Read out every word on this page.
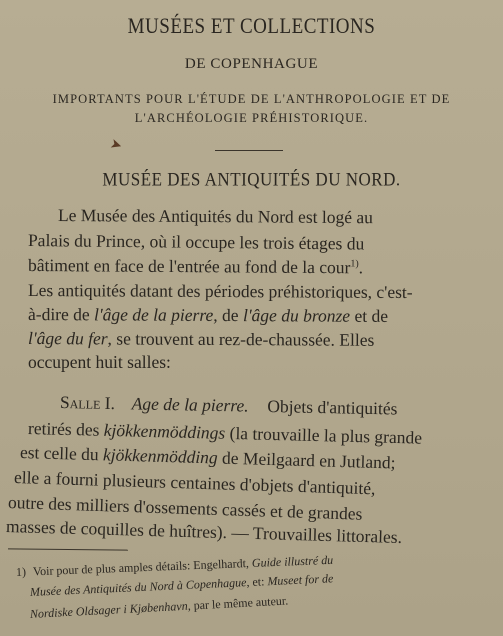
MUSÉES ET COLLECTIONS
DE COPENHAGUE
IMPORTANTS POUR L'ÉTUDE DE L'ANTHROPOLOGIE ET DE
L'ARCHÉOLOGIE PRÉHISTORIQUE.
➤
MUSÉE DES ANTIQUITÉS DU NORD.
Le Musée des Antiquités du Nord est logé au
Palais du Prince, où il occupe les trois étages du
bâtiment en face de l'entrée au fond de la cour$^{1)}$.
Les antiquités datant des périodes préhistoriques, c'est-
à-dire de l'âge de la pierre, de l'âge du bronze et de
l'âge du fer, se trouvent au rez-de-chaussée. Elles
occupent huit salles:
Salle I. Age de la pierre. Objets d'antiquités
retirés des kjökkenmöddings (la trouvaille la plus grande
est celle du kjökkenmödding de Meilgaard en Jutland;
elle a fourni plusieurs centaines d'objets d'antiquité,
outre des milliers d'ossements cassés et de grandes
masses de coquilles de huîtres). — Trouvailles littorales.
1) Voir pour de plus amples détails: Engelhardt, Guide illustré du
Musée des Antiquités du Nord à Copenhague, et: Museet for de
Nordiske Oldsager i Kjøbenhavn, par le même auteur.
